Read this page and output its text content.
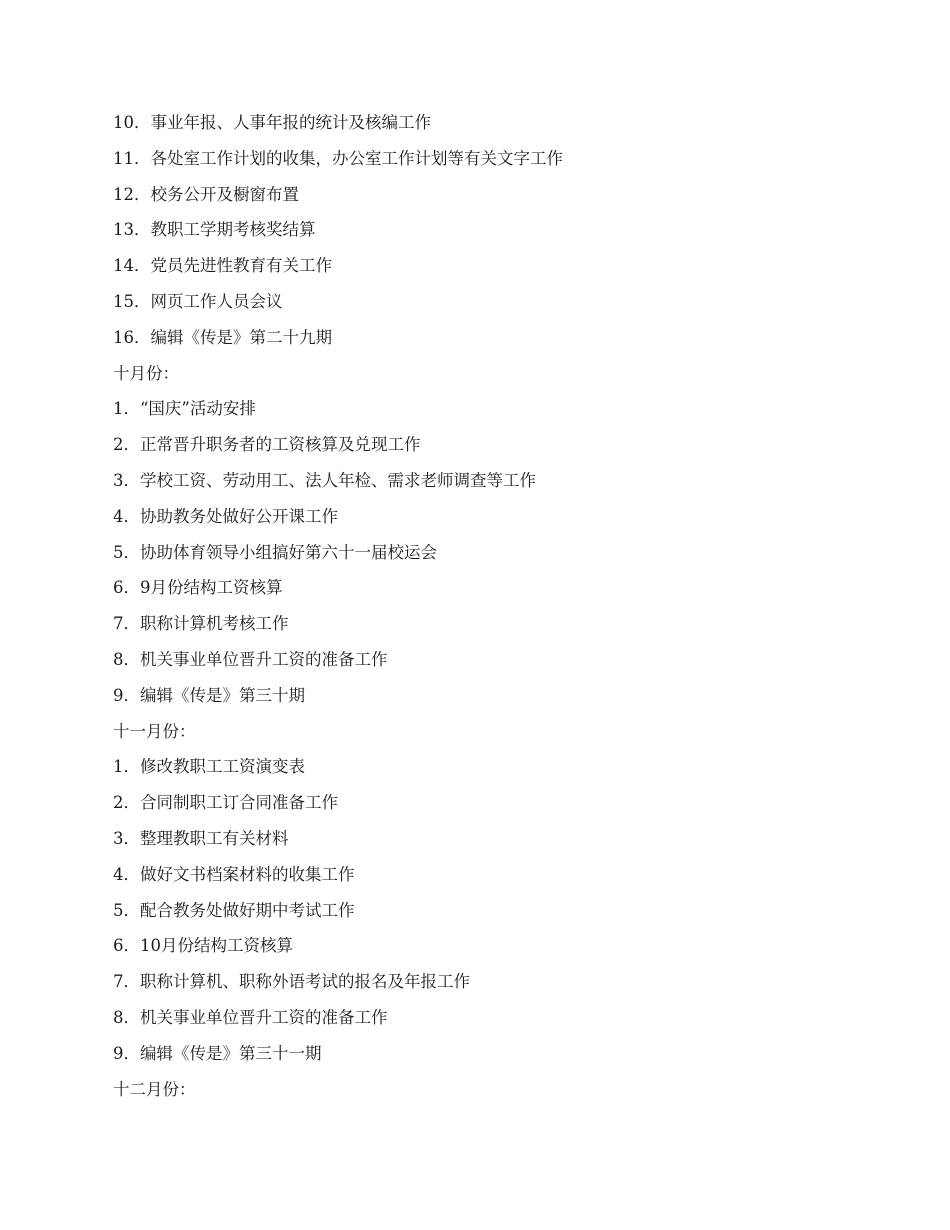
10．事业年报、人事年报的统计及核编工作
11．各处室工作计划的收集，办公室工作计划等有关文字工作
12．校务公开及橱窗布置
13．教职工学期考核奖结算
14．党员先进性教育有关工作
15．网页工作人员会议
16．编辑《传是》第二十九期
十月份：
1．“国庆”活动安排
2．正常晋升职务者的工资核算及兑现工作
3．学校工资、劳动用工、法人年检、需求老师调查等工作
4．协助教务处做好公开课工作
5．协助体育领导小组搞好第六十一届校运会
6．9月份结构工资核算
7．职称计算机考核工作
8．机关事业单位晋升工资的准备工作
9．编辑《传是》第三十期
十一月份：
1．修改教职工工资演变表
2．合同制职工订合同准备工作
3．整理教职工有关材料
4．做好文书档案材料的收集工作
5．配合教务处做好期中考试工作
6．10月份结构工资核算
7．职称计算机、职称外语考试的报名及年报工作
8．机关事业单位晋升工资的准备工作
9．编辑《传是》第三十一期
十二月份：
